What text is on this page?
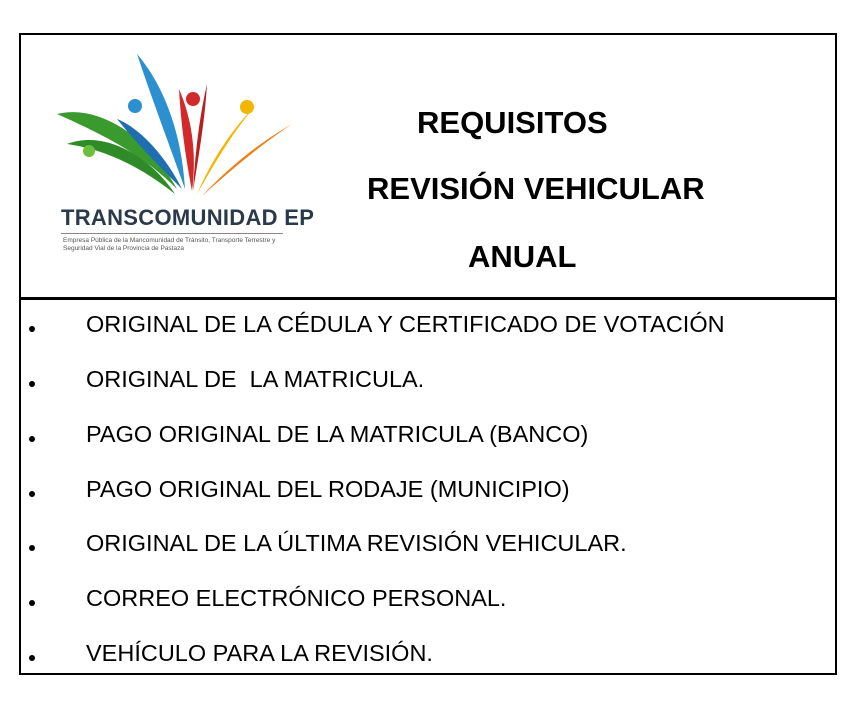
TRANSCOMUNIDAD EP
Empresa Pública de la Mancomunidad de Tránsito, Transporte Terrestre y Seguridad Vial de la Provincia de Pastaza
REQUISITOS
REVISIÓN VEHICULAR
ANUAL
ORIGINAL DE LA CÉDULA Y CERTIFICADO DE VOTACIÓN
ORIGINAL DE  LA MATRICULA.
PAGO ORIGINAL DE LA MATRICULA (BANCO)
PAGO ORIGINAL DEL RODAJE (MUNICIPIO)
ORIGINAL DE LA ÚLTIMA REVISIÓN VEHICULAR.
CORREO ELECTRÓNICO PERSONAL.
VEHÍCULO PARA LA REVISIÓN.
